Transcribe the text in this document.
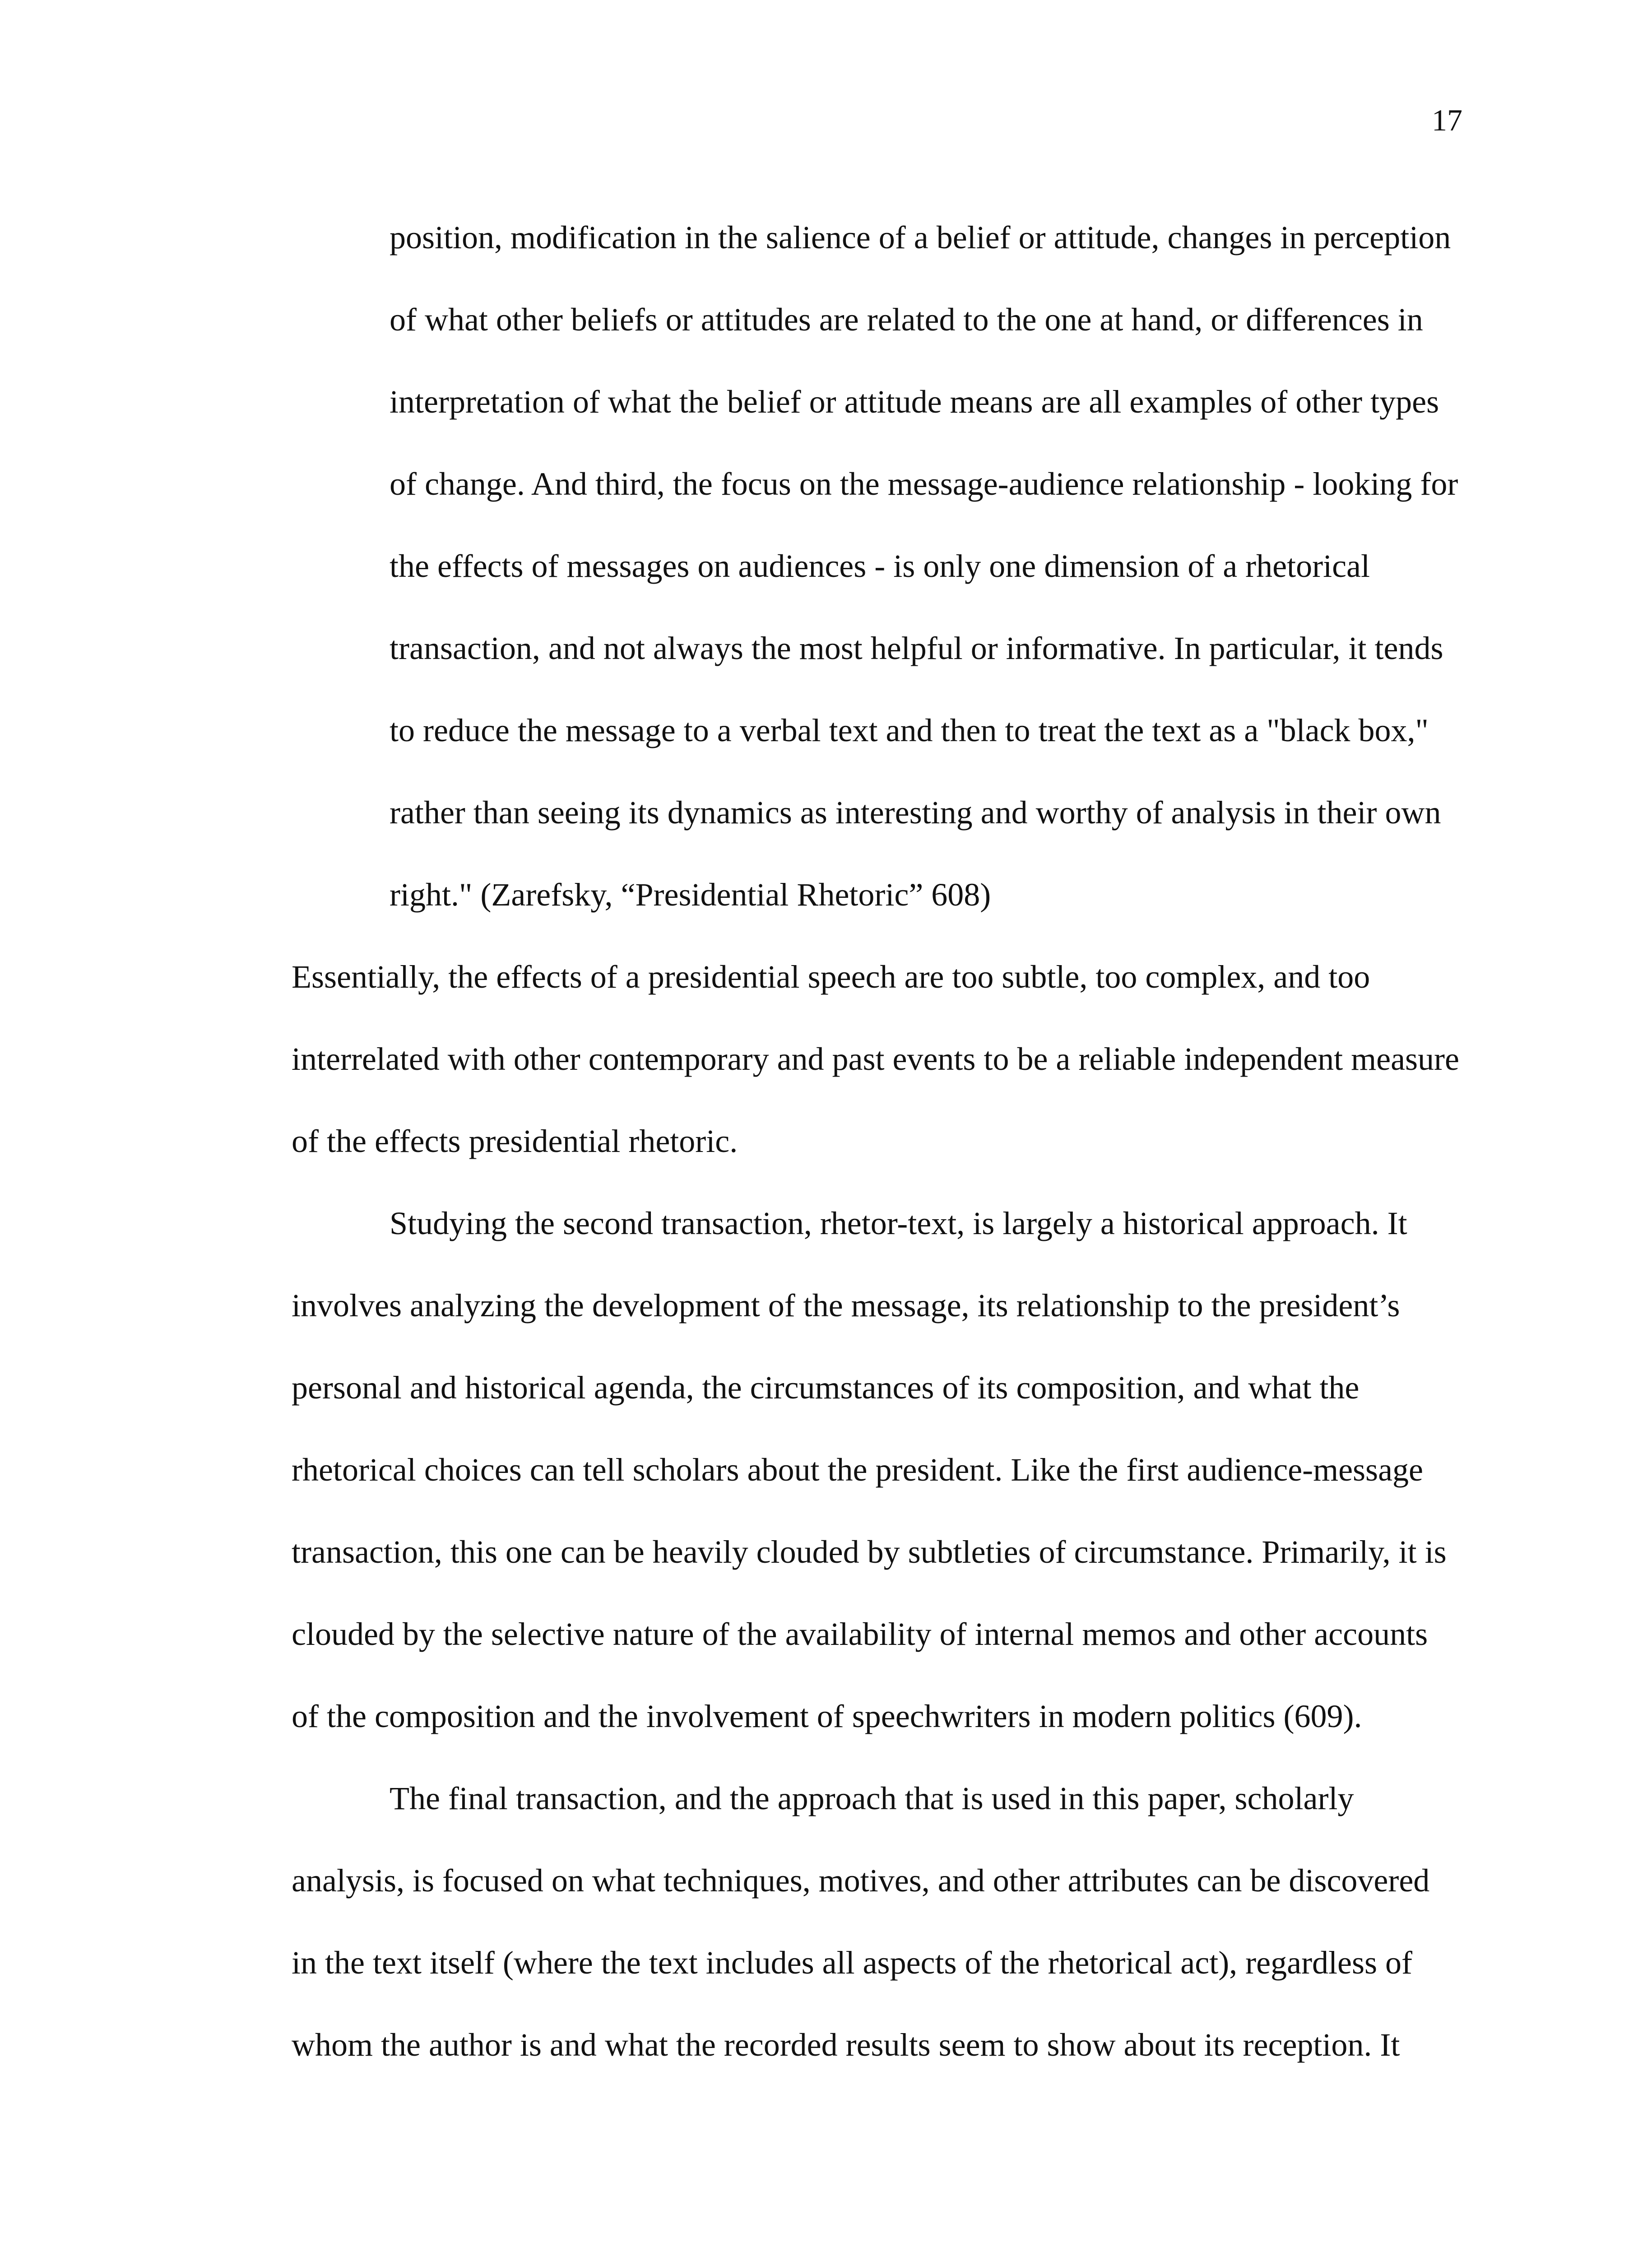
17
position, modification in the salience of a belief or attitude, changes in perception
of what other beliefs or attitudes are related to the one at hand, or differences in
interpretation of what the belief or attitude means are all examples of other types
of change. And third, the focus on the message-audience relationship - looking for
the effects of messages on audiences - is only one dimension of a rhetorical
transaction, and not always the most helpful or informative. In particular, it tends
to reduce the message to a verbal text and then to treat the text as a "black box,"
rather than seeing its dynamics as interesting and worthy of analysis in their own
right." (Zarefsky, “Presidential Rhetoric” 608)
Essentially, the effects of a presidential speech are too subtle, too complex, and too
interrelated with other contemporary and past events to be a reliable independent measure
of the effects presidential rhetoric.
Studying the second transaction, rhetor-text, is largely a historical approach. It
involves analyzing the development of the message, its relationship to the president’s
personal and historical agenda, the circumstances of its composition, and what the
rhetorical choices can tell scholars about the president. Like the first audience-message
transaction, this one can be heavily clouded by subtleties of circumstance. Primarily, it is
clouded by the selective nature of the availability of internal memos and other accounts
of the composition and the involvement of speechwriters in modern politics (609).
The final transaction, and the approach that is used in this paper, scholarly
analysis, is focused on what techniques, motives, and other attributes can be discovered
in the text itself (where the text includes all aspects of the rhetorical act), regardless of
whom the author is and what the recorded results seem to show about its reception. It
